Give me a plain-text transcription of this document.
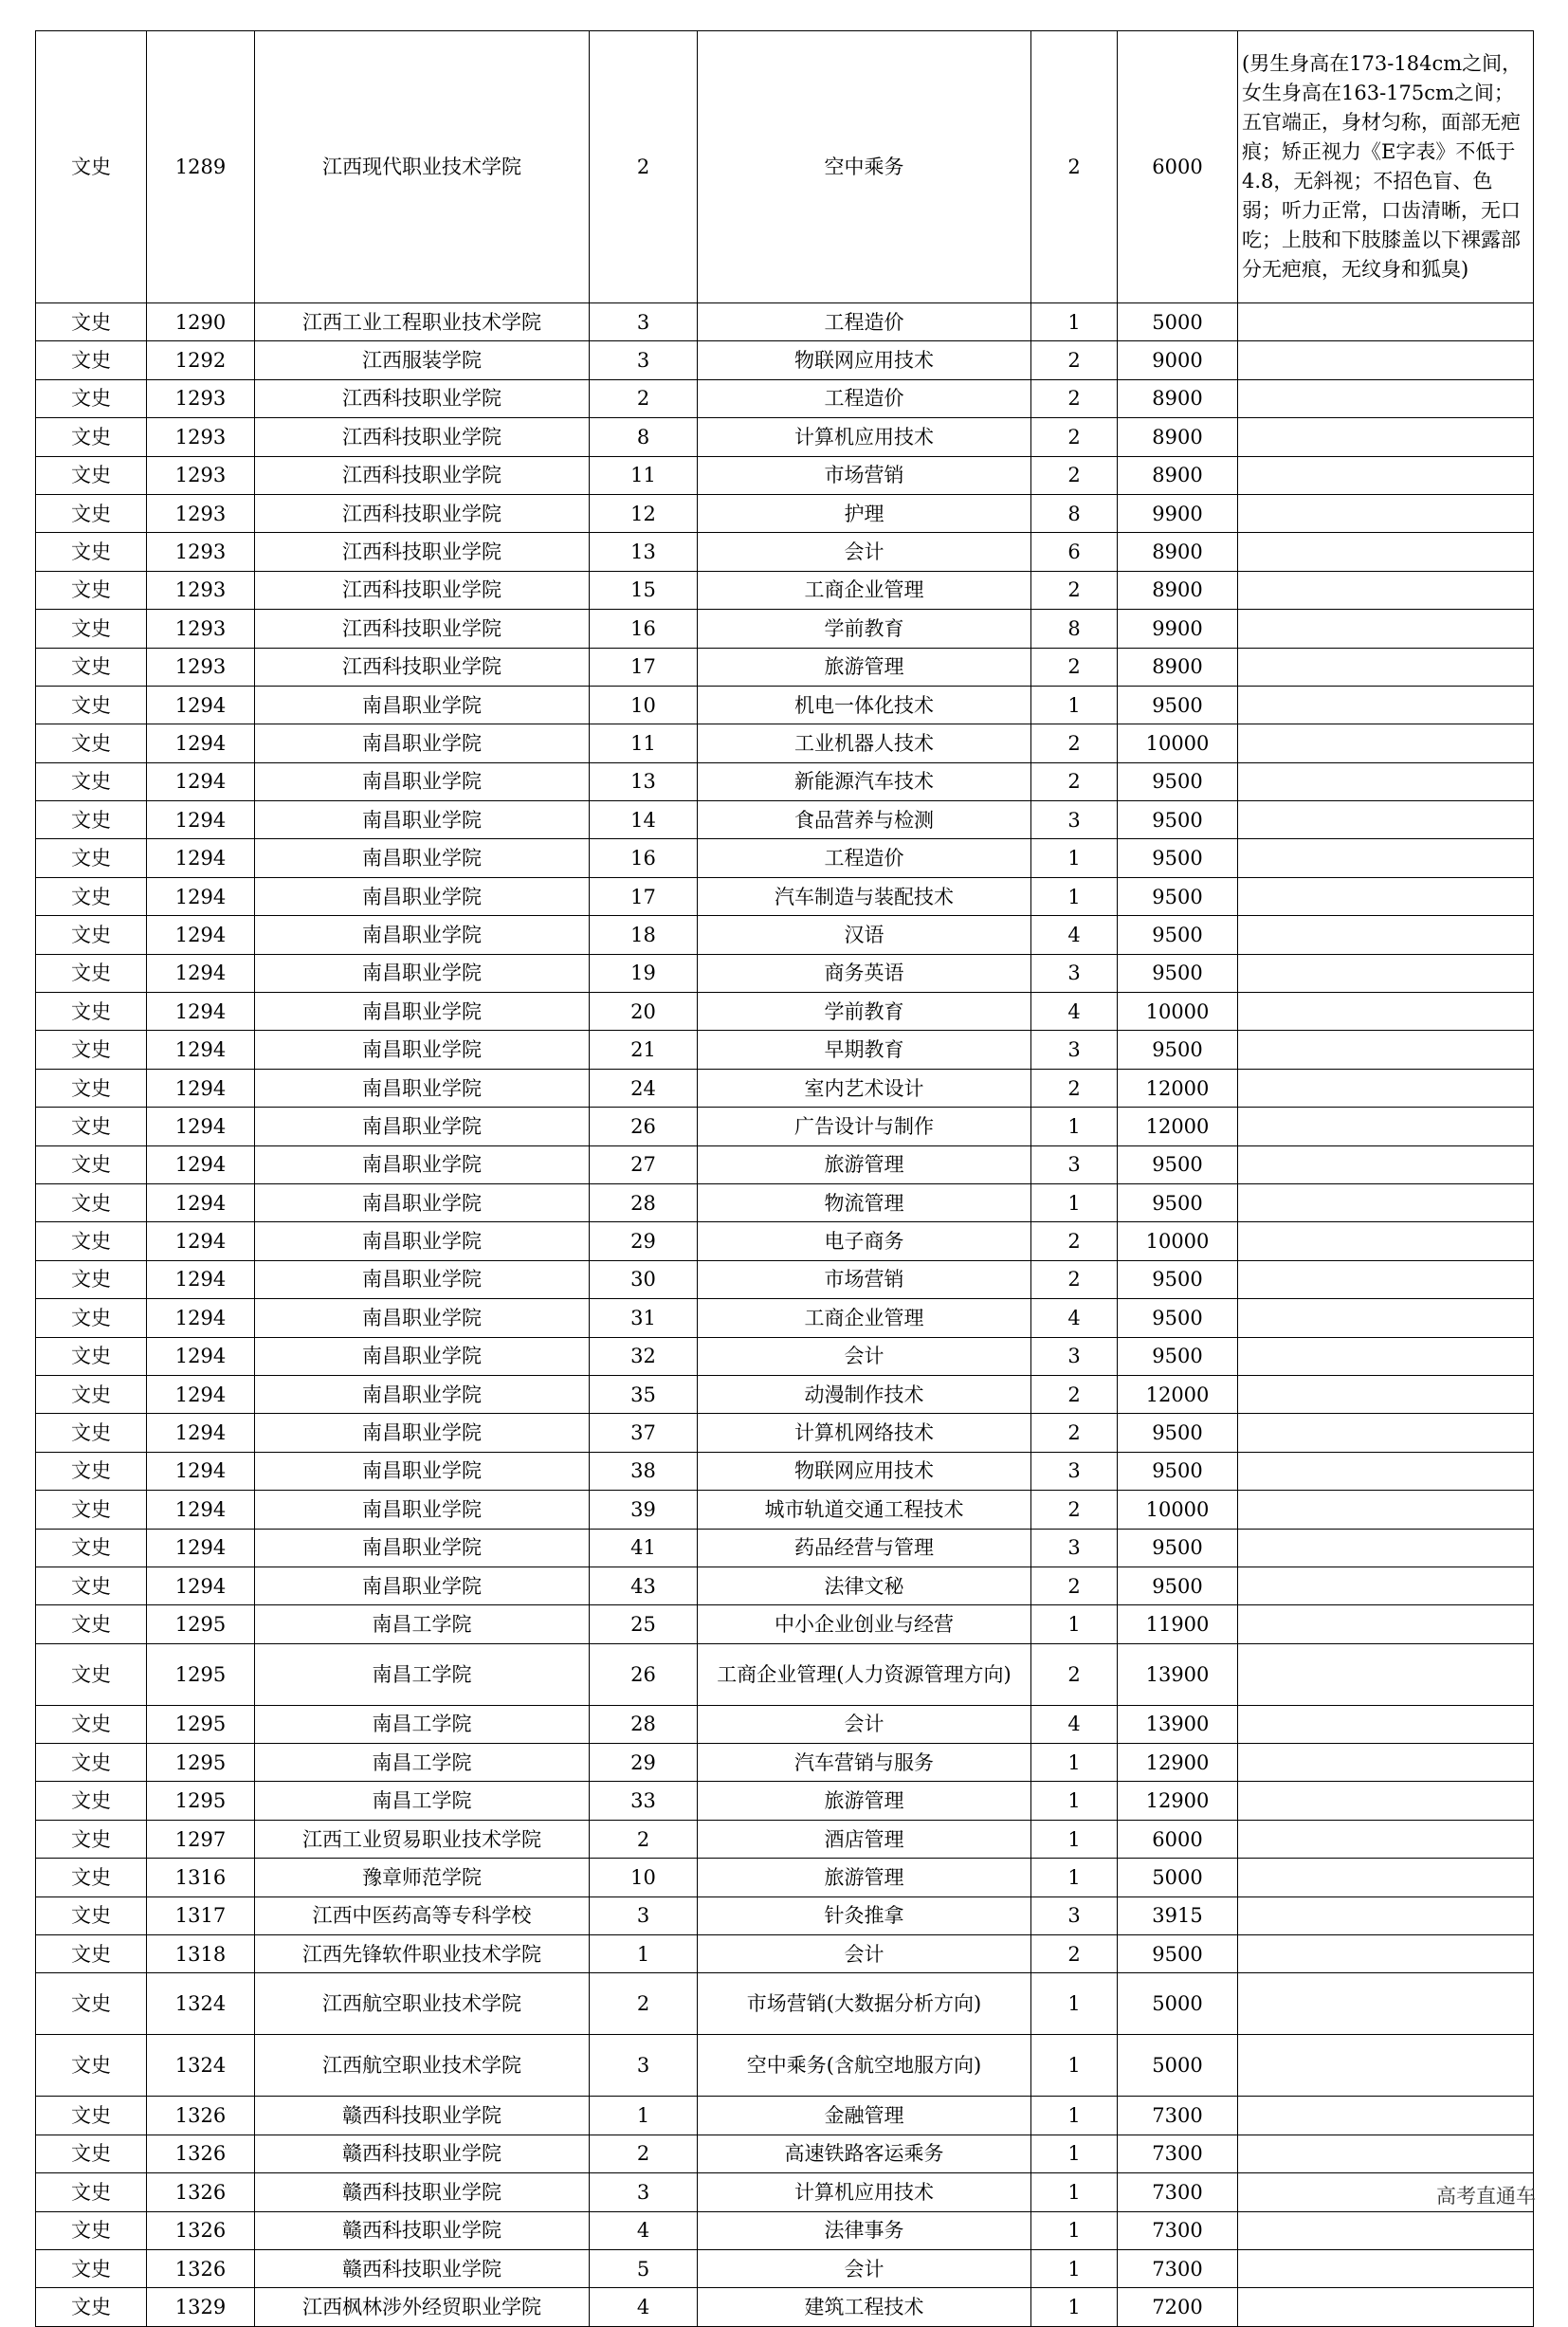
文史	1289	江西现代职业技术学院	2	空中乘务	2	6000	(男生身高在173-184cm之间，女生身高在163-175cm之间；五官端正，身材匀称，面部无疤痕；矫正视力《E字表》不低于4.8，无斜视；不招色盲、色弱；听力正常，口齿清晰，无口吃；上肢和下肢膝盖以下裸露部分无疤痕，无纹身和狐臭)
文史	1290	江西工业工程职业技术学院	3	工程造价	1	5000	
文史	1292	江西服装学院	3	物联网应用技术	2	9000	
文史	1293	江西科技职业学院	2	工程造价	2	8900	
文史	1293	江西科技职业学院	8	计算机应用技术	2	8900	
文史	1293	江西科技职业学院	11	市场营销	2	8900	
文史	1293	江西科技职业学院	12	护理	8	9900	
文史	1293	江西科技职业学院	13	会计	6	8900	
文史	1293	江西科技职业学院	15	工商企业管理	2	8900	
文史	1293	江西科技职业学院	16	学前教育	8	9900	
文史	1293	江西科技职业学院	17	旅游管理	2	8900	
文史	1294	南昌职业学院	10	机电一体化技术	1	9500	
文史	1294	南昌职业学院	11	工业机器人技术	2	10000	
文史	1294	南昌职业学院	13	新能源汽车技术	2	9500	
文史	1294	南昌职业学院	14	食品营养与检测	3	9500	
文史	1294	南昌职业学院	16	工程造价	1	9500	
文史	1294	南昌职业学院	17	汽车制造与装配技术	1	9500	
文史	1294	南昌职业学院	18	汉语	4	9500	
文史	1294	南昌职业学院	19	商务英语	3	9500	
文史	1294	南昌职业学院	20	学前教育	4	10000	
文史	1294	南昌职业学院	21	早期教育	3	9500	
文史	1294	南昌职业学院	24	室内艺术设计	2	12000	
文史	1294	南昌职业学院	26	广告设计与制作	1	12000	
文史	1294	南昌职业学院	27	旅游管理	3	9500	
文史	1294	南昌职业学院	28	物流管理	1	9500	
文史	1294	南昌职业学院	29	电子商务	2	10000	
文史	1294	南昌职业学院	30	市场营销	2	9500	
文史	1294	南昌职业学院	31	工商企业管理	4	9500	
文史	1294	南昌职业学院	32	会计	3	9500	
文史	1294	南昌职业学院	35	动漫制作技术	2	12000	
文史	1294	南昌职业学院	37	计算机网络技术	2	9500	
文史	1294	南昌职业学院	38	物联网应用技术	3	9500	
文史	1294	南昌职业学院	39	城市轨道交通工程技术	2	10000	
文史	1294	南昌职业学院	41	药品经营与管理	3	9500	
文史	1294	南昌职业学院	43	法律文秘	2	9500	
文史	1295	南昌工学院	25	中小企业创业与经营	1	11900	
文史	1295	南昌工学院	26	工商企业管理(人力资源管理方向)	2	13900	
文史	1295	南昌工学院	28	会计	4	13900	
文史	1295	南昌工学院	29	汽车营销与服务	1	12900	
文史	1295	南昌工学院	33	旅游管理	1	12900	
文史	1297	江西工业贸易职业技术学院	2	酒店管理	1	6000	
文史	1316	豫章师范学院	10	旅游管理	1	5000	
文史	1317	江西中医药高等专科学校	3	针灸推拿	3	3915	
文史	1318	江西先锋软件职业技术学院	1	会计	2	9500	
文史	1324	江西航空职业技术学院	2	市场营销(大数据分析方向)	1	5000	
文史	1324	江西航空职业技术学院	3	空中乘务(含航空地服方向)	1	5000	
文史	1326	赣西科技职业学院	1	金融管理	1	7300	
文史	1326	赣西科技职业学院	2	高速铁路客运乘务	1	7300	
文史	1326	赣西科技职业学院	3	计算机应用技术	1	7300	
文史	1326	赣西科技职业学院	4	法律事务	1	7300	
文史	1326	赣西科技职业学院	5	会计	1	7300	
文史	1329	江西枫林涉外经贸职业学院	4	建筑工程技术	1	7200	
高考直通车
